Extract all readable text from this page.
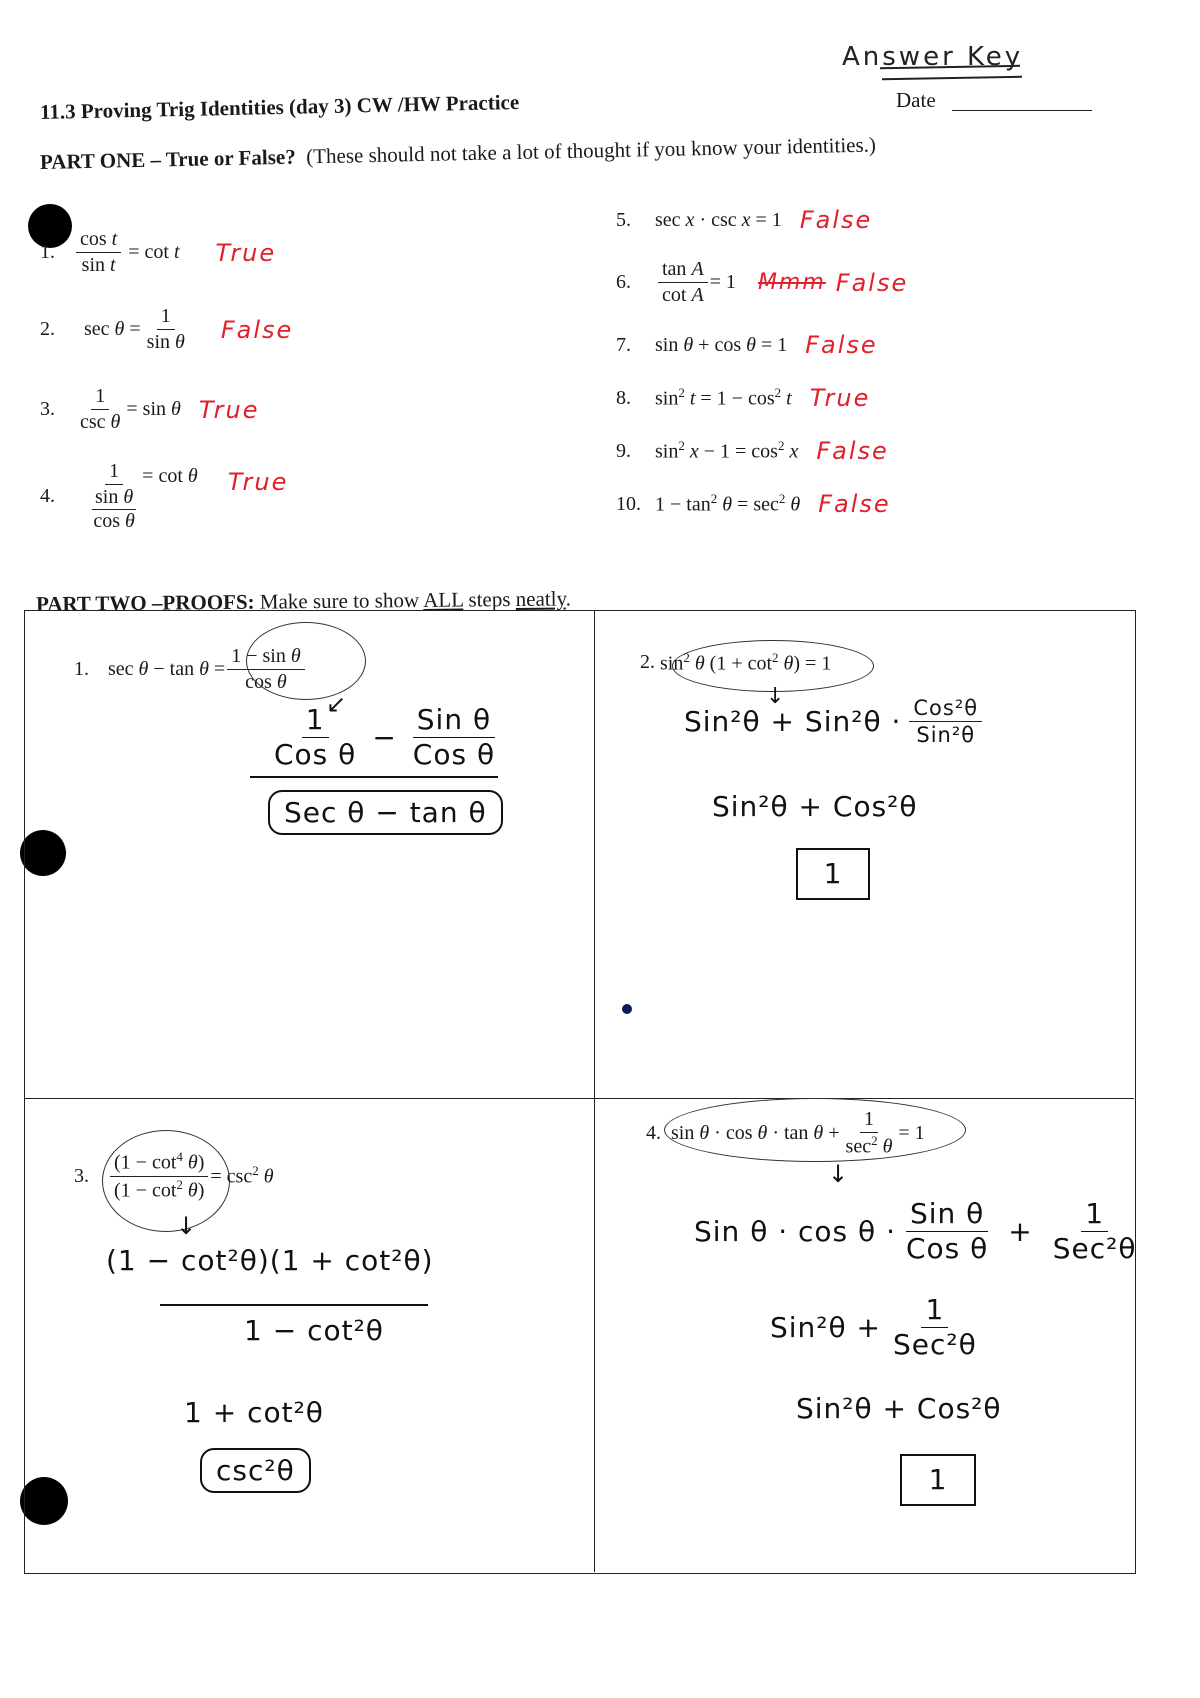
Answer Key
11.3 Proving Trig Identities (day 3) CW /HW Practice	Date
PART ONE – True or False? (These should not take a lot of thought if you know your identities.)
1.	$\frac{\text{cos t}}{\text{sin t}} = \cot t$ True
2. $\sec \theta = \frac{1}{\text{sin θ}}$ False
3.	$\frac{1}{\text{csc θ}} = \sin \theta$ True
4.	1
sin θ
cos θ = cot θ True
5. sec x · csc x = 1 False
6.	$\frac{\text{tan A}}{\text{cot A}} = 1$ Mmm False
7. sin θ + cos θ = 1 False
8. $\sin^2 t = 1 - \cos^2 t$ True
9. $\sin^2 x - 1 = \cos^2 x$ False
10. $1 - \tan^2 \theta = \sec^2 \theta$ False
PART TWO –PROOFS: Make sure to show ALL steps neatly.
1. $\sec \theta - \tan \theta = \frac{\text{1 − sin θ}}{\text{cos θ}}$
↙
$\frac{1}{\text{Cos θ}} - \frac{\text{Sin θ}}{\text{Cos θ}}$
Sec θ − tan θ
2. $\sin^2 \theta$ $(1 + \cot^2 \theta) = 1$
↓
$Sin^2\theta + Sin^2\theta \cdot \frac{\text{Cos²θ}}{\text{Sin²θ}}$
Sin²θ + Cos²θ
1
3.	$\frac{(1 - \cot^4 \theta)}{(1 - \cot^2 \theta)} = \csc^2 \theta$
↓
(1 − cot²θ)(1 + cot²θ)
1 − cot²θ
1 + cot²θ
csc²θ
4. $\sin \theta \cdot \cos \theta \cdot \tan \theta + \frac{1}{\sec^2 \theta} = 1$
↓
Sin $\theta \cdot \cos \theta \cdot \frac{\text{Sin θ}}{\text{Cos θ}} + \frac{1}{\text{Sec²θ}}$
$Sin^2\theta + \frac{1}{\text{Sec²θ}}$
Sin²θ + Cos²θ
1
